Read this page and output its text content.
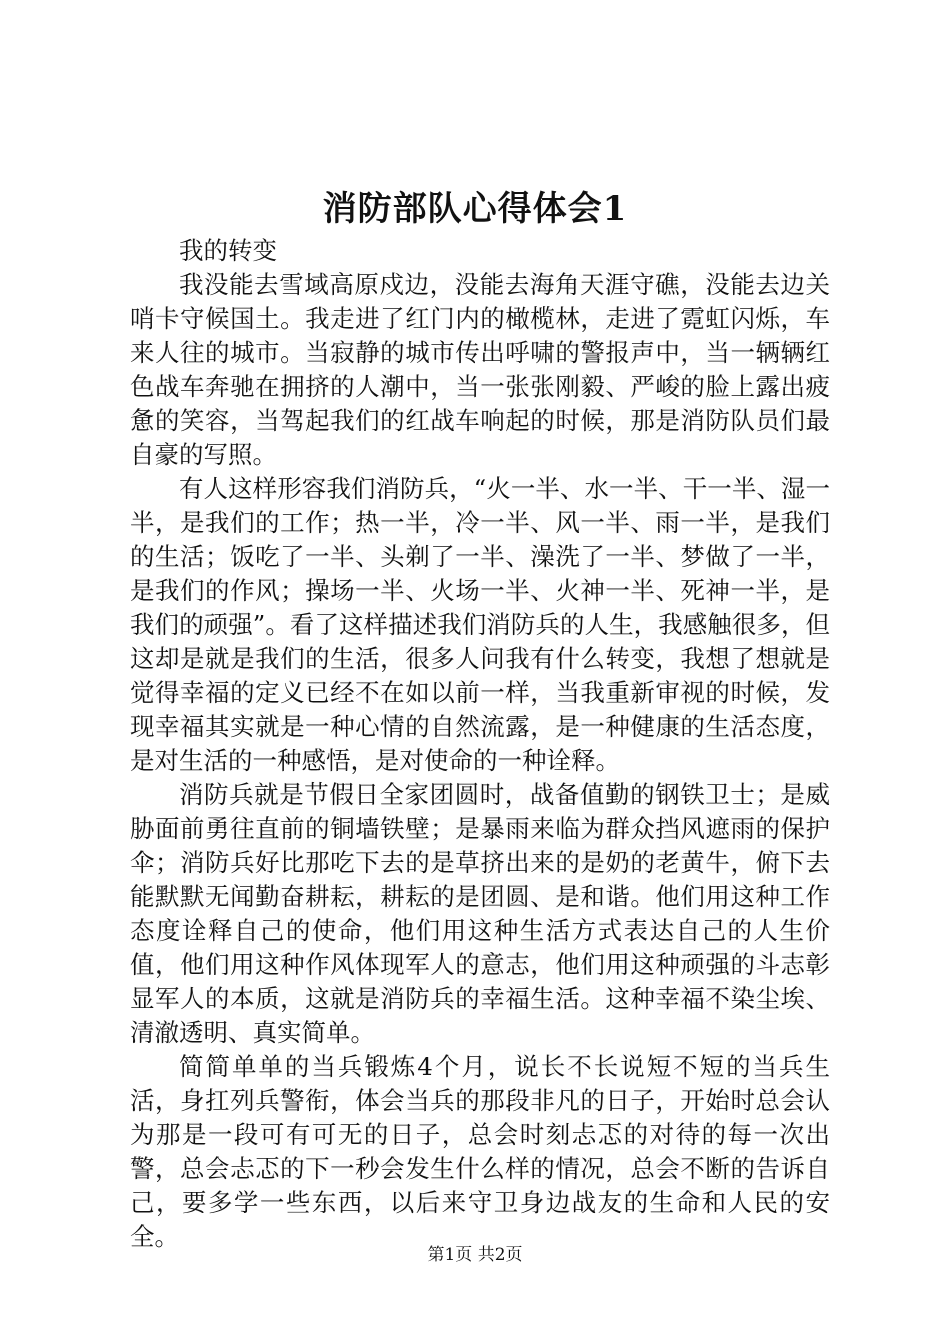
消防部队心得体会1

我的转变

我没能去雪域高原戍边，没能去海角天涯守礁，没能去边关哨卡守候国土。我走进了红门内的橄榄林，走进了霓虹闪烁，车来人往的城市。当寂静的城市传出呼啸的警报声中，当一辆辆红色战车奔驰在拥挤的人潮中，当一张张刚毅、严峻的脸上露出疲惫的笑容，当驾起我们的红战车响起的时候，那是消防队员们最自豪的写照。

有人这样形容我们消防兵，“火一半、水一半、干一半、湿一半，是我们的工作；热一半，冷一半、风一半、雨一半，是我们的生活；饭吃了一半、头剃了一半、澡洗了一半、梦做了一半，是我们的作风；操场一半、火场一半、火神一半、死神一半，是我们的顽强”。看了这样描述我们消防兵的人生，我感触很多，但这却是就是我们的生活，很多人问我有什么转变，我想了想就是觉得幸福的定义已经不在如以前一样，当我重新审视的时候，发现幸福其实就是一种心情的自然流露，是一种健康的生活态度，是对生活的一种感悟，是对使命的一种诠释。

消防兵就是节假日全家团圆时，战备值勤的钢铁卫士；是威胁面前勇往直前的铜墙铁壁；是暴雨来临为群众挡风遮雨的保护伞；消防兵好比那吃下去的是草挤出来的是奶的老黄牛，俯下去能默默无闻勤奋耕耘，耕耘的是团圆、是和谐。他们用这种工作态度诠释自己的使命，他们用这种生活方式表达自己的人生价值，他们用这种作风体现军人的意志，他们用这种顽强的斗志彰显军人的本质，这就是消防兵的幸福生活。这种幸福不染尘埃、清澈透明、真实简单。

简简单单的当兵锻炼4个月，说长不长说短不短的当兵生活，身扛列兵警衔，体会当兵的那段非凡的日子，开始时总会认为那是一段可有可无的日子，总会时刻忐忑的对待的每一次出警，总会忐忑的下一秒会发生什么样的情况，总会不断的告诉自己，要多学一些东西，以后来守卫身边战友的生命和人民的安全。

第1页 共2页
